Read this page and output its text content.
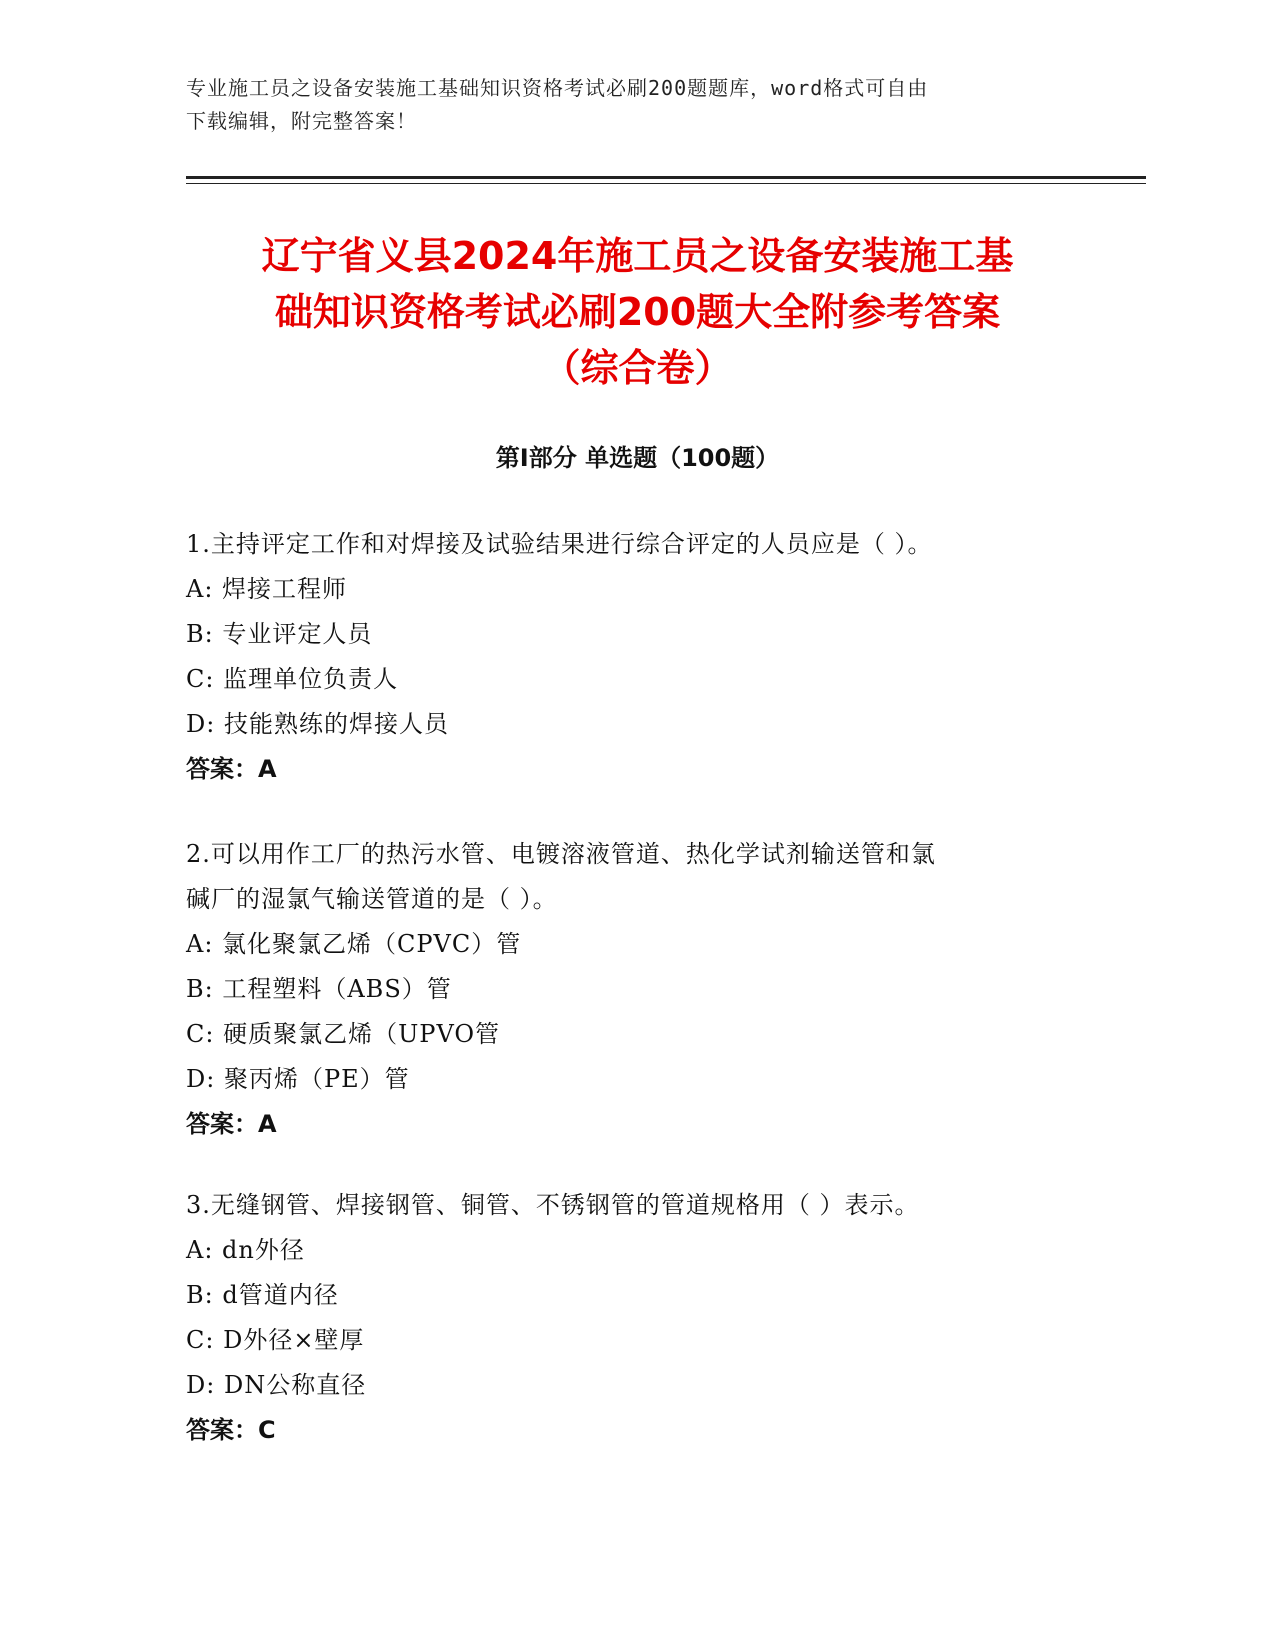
专业施工员之设备安装施工基础知识资格考试必刷200题题库，word格式可自由
下载编辑，附完整答案！
辽宁省义县2024年施工员之设备安装施工基
础知识资格考试必刷200题大全附参考答案
（综合卷）
第Ⅰ部分 单选题（100题）
1.主持评定工作和对焊接及试验结果进行综合评定的人员应是（ ）。
A: 焊接工程师
B: 专业评定人员
C: 监理单位负责人
D: 技能熟练的焊接人员
答案：A
2.可以用作工厂的热污水管、电镀溶液管道、热化学试剂输送管和氯
碱厂的湿氯气输送管道的是（ ）。
A: 氯化聚氯乙烯（CPVC）管
B: 工程塑料（ABS）管
C: 硬质聚氯乙烯（UPVO管
D: 聚丙烯（PE）管
答案：A
3.无缝钢管、焊接钢管、铜管、不锈钢管的管道规格用（ ）表示。
A: dn外径
B: d管道内径
C: D外径×壁厚
D: DN公称直径
答案：C
